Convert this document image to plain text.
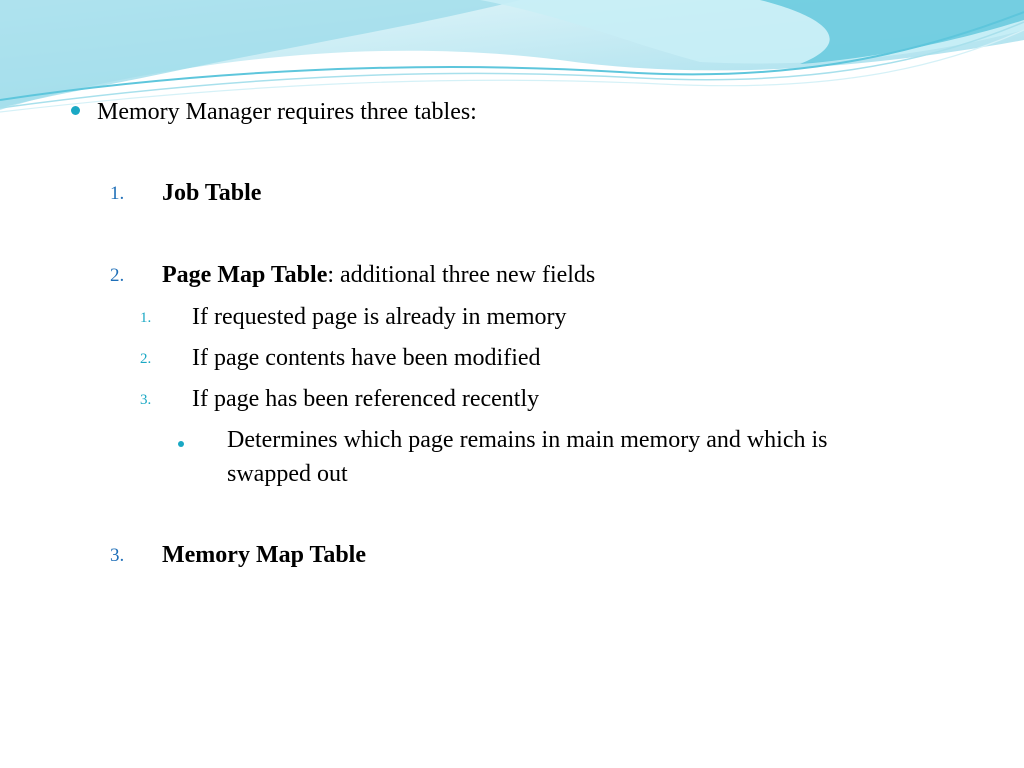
Memory Manager requires three tables:
1. Job Table
2. Page Map Table: additional three new fields
1. If requested page is already in memory
2. If page contents have been modified
3. If page has been referenced recently
Determines which page remains in main memory and which is
swapped out
3. Memory Map Table
